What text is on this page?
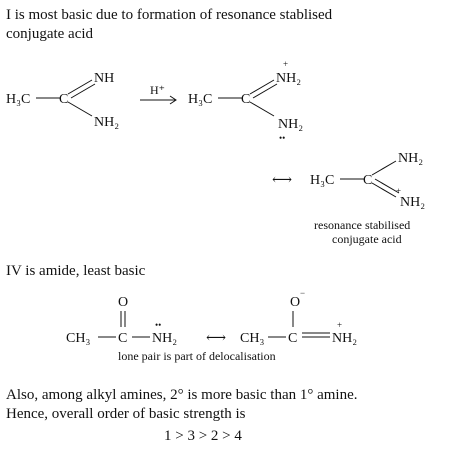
I is most basic due to formation of resonance stablised
conjugate acid
IV is amide, least basic
Also, among alkyl amines, 2° is more basic than 1° amine.
Hence, overall order of basic strength is
1 > 3 > 2 > 4
H₃C C
NH
NH₂
H⁺
H₃C C
NH₂
+
NH₂
••
⟷ H₃C C
NH₂
NH₂
+
resonance stabilised
conjugate acid
O
CH₃ C NH₂
••
⟷
O
−
CH₃ C NH₂
+
lone pair is part of delocalisation
